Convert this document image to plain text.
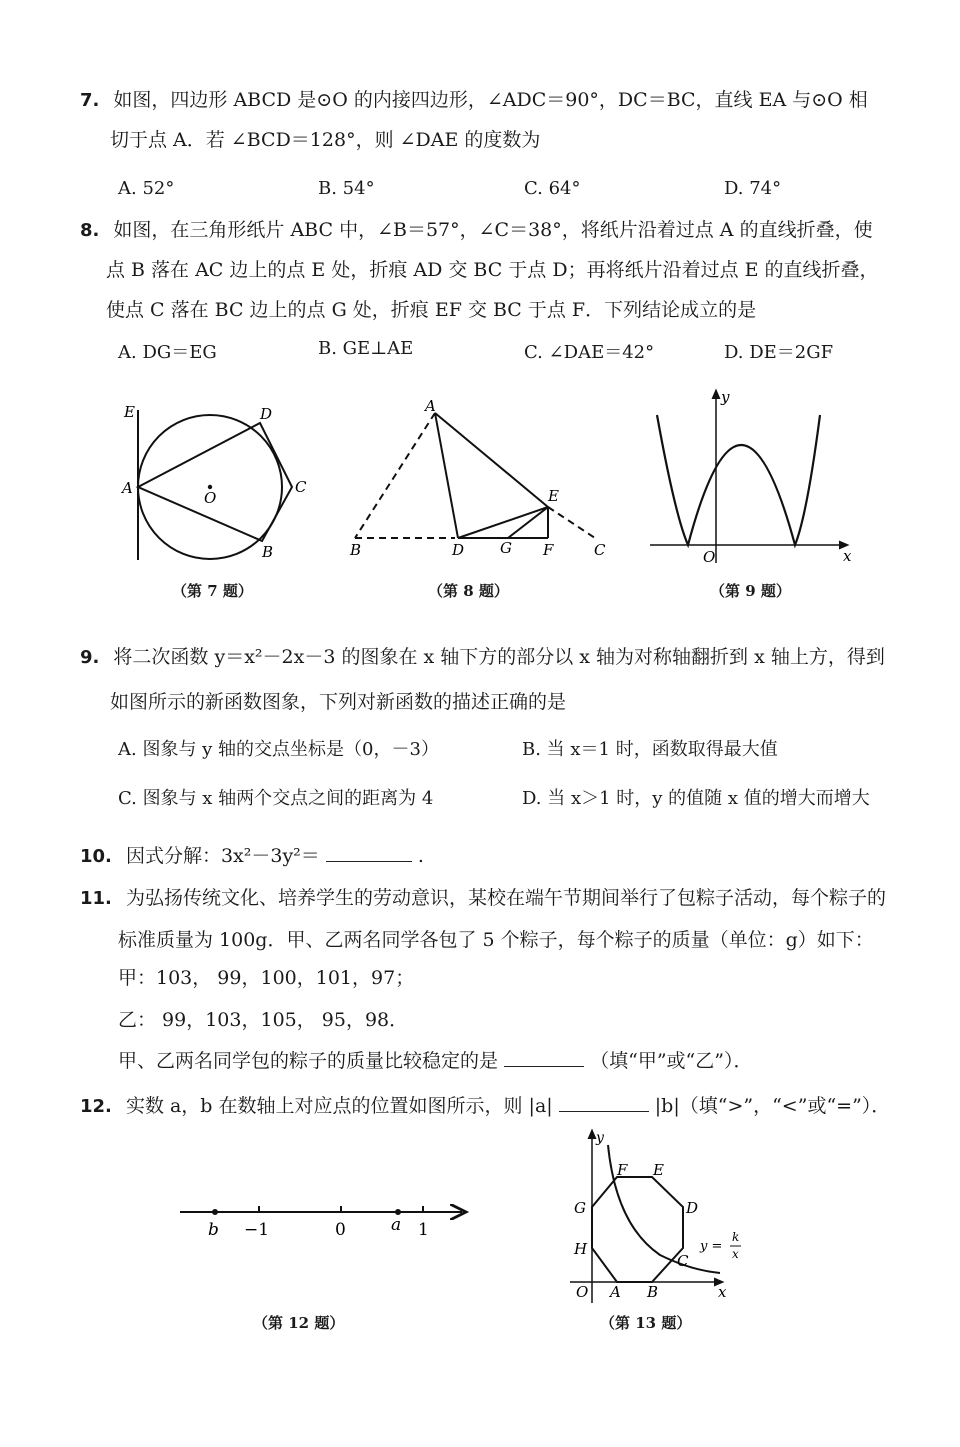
7. 如图，四边形 ABCD 是⊙O 的内接四边形，∠ADC＝90°，DC＝BC，直线 EA 与⊙O 相
切于点 A．若 ∠BCD＝128°，则 ∠DAE 的度数为
A. 52°	B. 54°	C. 64°	D. 74°
8. 如图，在三角形纸片 ABC 中，∠B＝57°，∠C＝38°，将纸片沿着过点 A 的直线折叠，使
点 B 落在 AC 边上的点 E 处，折痕 AD 交 BC 于点 D；再将纸片沿着过点 E 的直线折叠，
使点 C 落在 BC 边上的点 G 处，折痕 EF 交 BC 于点 F．下列结论成立的是
A. DG＝EG	B. GE⊥AE	C. ∠DAE＝42°	D. DE＝2GF
E	D
A
O
C
B
（第 7 题）
A
E
B	D G F	C
（第 8 题）
y
O	x
（第 9 题）
9. 将二次函数 y＝x²－2x－3 的图象在 x 轴下方的部分以 x 轴为对称轴翻折到 x 轴上方，得到
如图所示的新函数图象，下列对新函数的描述正确的是
A. 图象与 y 轴的交点坐标是（0，－3）	B. 当 x＝1 时，函数取得最大值
C. 图象与 x 轴两个交点之间的距离为 4	D. 当 x＞1 时，y 的值随 x 值的增大而增大
10. 因式分解：3x²－3y²＝	.
11. 为弘扬传统文化、培养学生的劳动意识，某校在端午节期间举行了包粽子活动，每个粽子的
标准质量为 100g．甲、乙两名同学各包了 5 个粽子，每个粽子的质量（单位：g）如下：
甲：103， 99，100，101，97；
乙： 99，103，105， 95，98．
甲、乙两名同学包的粽子的质量比较稳定的是	（填“甲”或“乙”）．
12. 实数 a，b 在数轴上对应点的位置如图所示，则 |a|	|b|（填“>”，“<”或“=”）．
b −1	0	a 1
（第 12 题）
y
F E
G	D
H
C
O A B	x
y =
k
x
（第 13 题）
